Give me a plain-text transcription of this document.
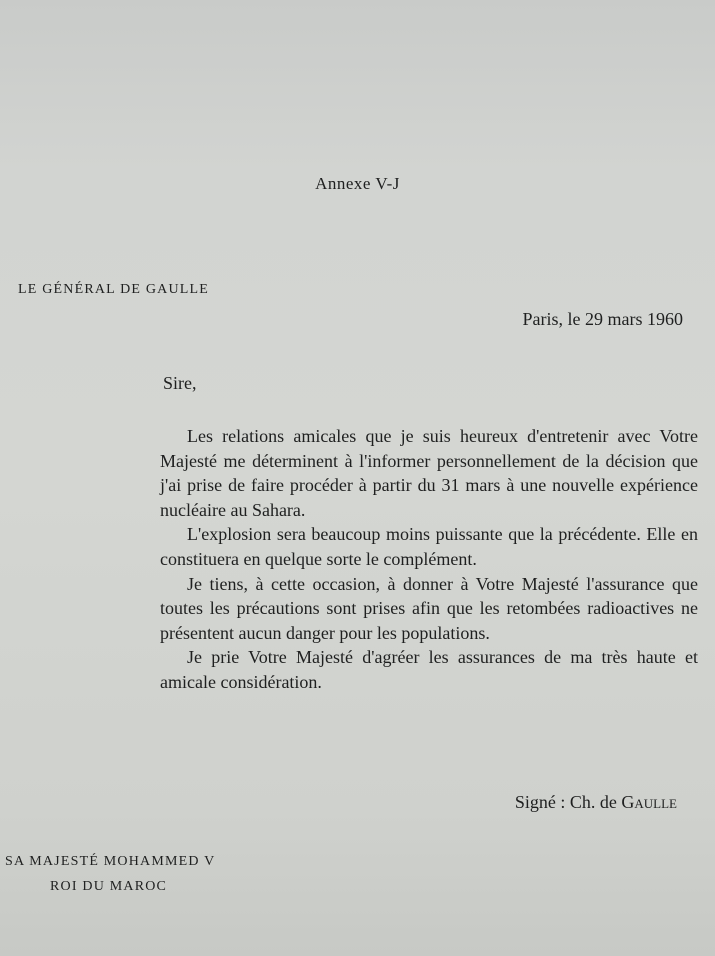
Annexe V-J
LE GÉNÉRAL DE GAULLE
Paris, le 29 mars 1960
Sire,

Les relations amicales que je suis heureux d'entretenir avec Votre Majesté me déterminent à l'informer personnellement de la décision que j'ai prise de faire procéder à partir du 31 mars à une nouvelle expérience nucléaire au Sahara.

L'explosion sera beaucoup moins puissante que la précédente. Elle en constituera en quelque sorte le complément.

Je tiens, à cette occasion, à donner à Votre Majesté l'assurance que toutes les précautions sont prises afin que les retombées radioactives ne présentent aucun danger pour les populations.

Je prie Votre Majesté d'agréer les assurances de ma très haute et amicale considération.

Signé : Ch. de Gaulle
SA MAJESTÉ MOHAMMED V
ROI DU MAROC
